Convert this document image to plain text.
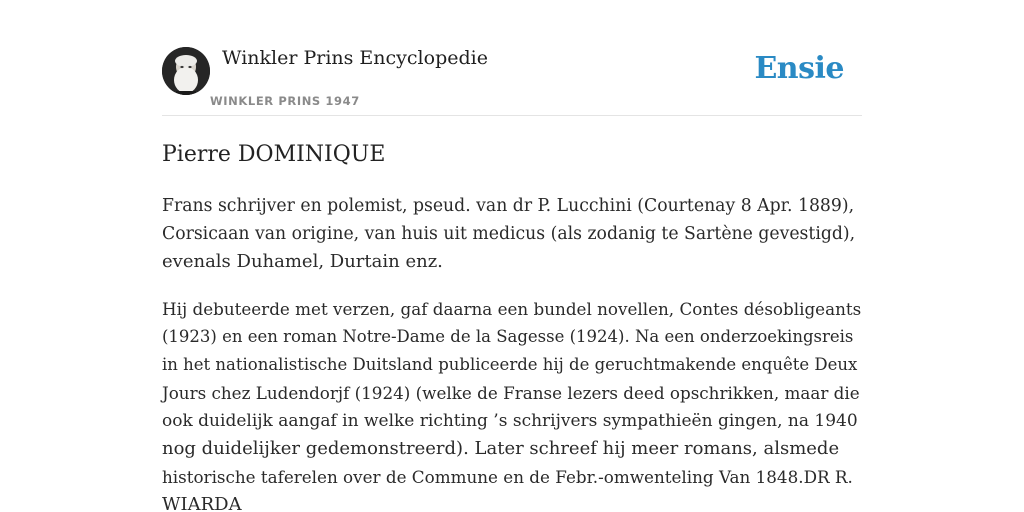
Winkler Prins Encyclopedie
WINKLER PRINS 1947
Ensie
Pierre DOMINIQUE

Frans schrijver en polemist, pseud. van dr P. Lucchini (Courtenay 8 Apr. 1889),
Corsicaan van origine, van huis uit medicus (als zodanig te Sartène gevestigd),
evenals Duhamel, Durtain enz.

Hij debuteerde met verzen, gaf daarna een bundel novellen, Contes désobligeants
(1923) en een roman Notre-Dame de la Sagesse (1924). Na een onderzoekingsreis
in het nationalistische Duitsland publiceerde hij de geruchtmakende enquête Deux
Jours chez Ludendorjf (1924) (welke de Franse lezers deed opschrikken, maar die
ook duidelijk aangaf in welke richting ’s schrijvers sympathieën gingen, na 1940
nog duidelijker gedemonstreerd). Later schreef hij meer romans, alsmede
historische taferelen over de Commune en de Febr.-omwenteling Van 1848.DR R.
WIARDA
